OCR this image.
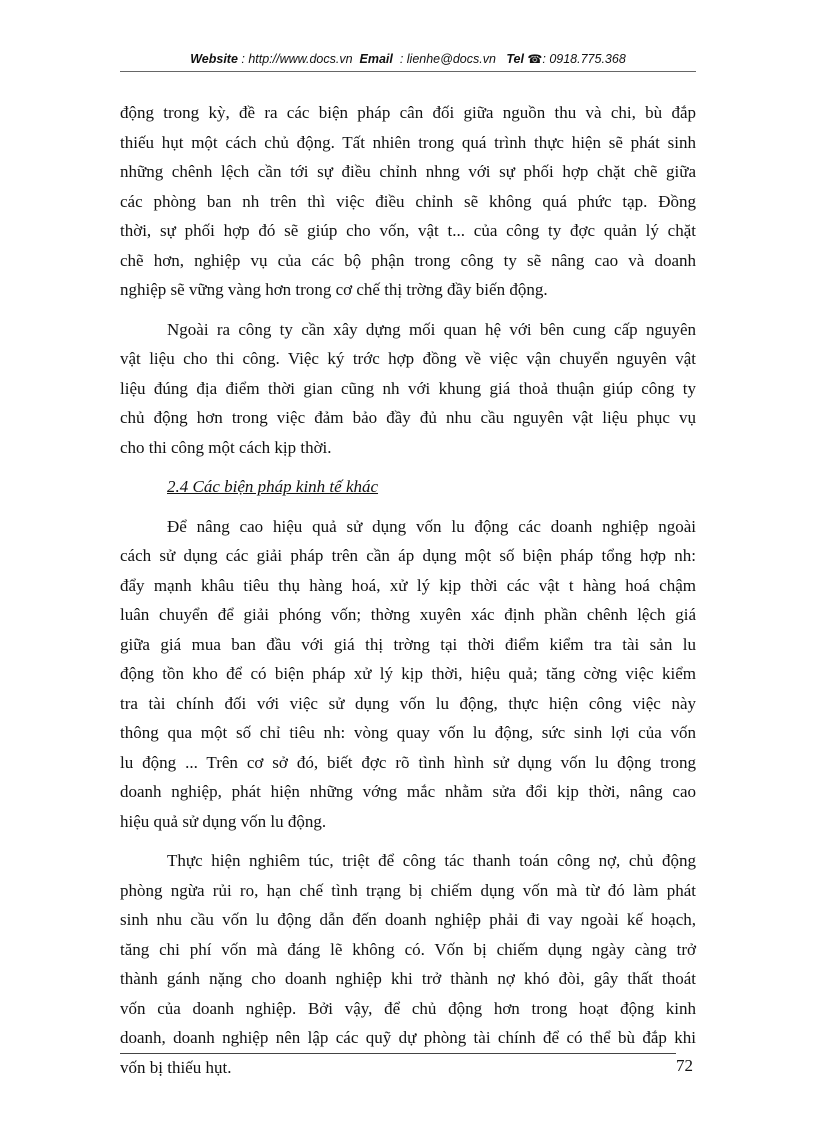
Website : http://www.docs.vn Email : lienhe@docs.vn Tel ☎: 0918.775.368

động trong kỳ, đề ra các biện pháp cân đối giữa nguồn thu và chi, bù đắp
thiếu hụt một cách chủ động. Tất nhiên trong quá trình thực hiện sẽ phát sinh
những chênh lệch cần tới sự điều chỉnh nhng với sự phối hợp chặt chẽ giữa
các phòng ban nh trên thì việc điều chỉnh sẽ không quá phức tạp. Đồng
thời, sự phối hợp đó sẽ giúp cho vốn, vật t... của công ty đợc quản lý chặt
chẽ hơn, nghiệp vụ của các bộ phận trong công ty sẽ nâng cao và doanh
nghiệp sẽ vững vàng hơn trong cơ chế thị trờng đầy biến động.

Ngoài ra công ty cần xây dựng mối quan hệ với bên cung cấp nguyên
vật liệu cho thi công. Việc ký trớc hợp đồng về việc vận chuyển nguyên vật
liệu đúng địa điểm thời gian cũng nh với khung giá thoả thuận giúp công ty
chủ động hơn trong việc đảm bảo đầy đủ nhu cầu nguyên vật liệu phục vụ
cho thi công một cách kịp thời.

2.4 Các biện pháp kinh tế khác

Để nâng cao hiệu quả sử dụng vốn lu động các doanh nghiệp ngoài
cách sử dụng các giải pháp trên cần áp dụng một số biện pháp tổng hợp nh:
đẩy mạnh khâu tiêu thụ hàng hoá, xử lý kịp thời các vật t hàng hoá chậm
luân chuyển để giải phóng vốn; thờng xuyên xác định phần chênh lệch giá
giữa giá mua ban đầu với giá thị trờng tại thời điểm kiểm tra tài sản lu
động tồn kho để có biện pháp xử lý kịp thời, hiệu quả; tăng cờng việc kiểm
tra tài chính đối với việc sử dụng vốn lu động, thực hiện công việc này
thông qua một số chỉ tiêu nh: vòng quay vốn lu động, sức sinh lợi của vốn
lu động ... Trên cơ sở đó, biết đợc rõ tình hình sử dụng vốn lu động trong
doanh nghiệp, phát hiện những vớng mắc nhằm sửa đổi kịp thời, nâng cao
hiệu quả sử dụng vốn lu động.

Thực hiện nghiêm túc, triệt để công tác thanh toán công nợ, chủ động
phòng ngừa rủi ro, hạn chế tình trạng bị chiếm dụng vốn mà từ đó làm phát
sinh nhu cầu vốn lu động dẫn đến doanh nghiệp phải đi vay ngoài kế hoạch,
tăng chi phí vốn mà đáng lẽ không có. Vốn bị chiếm dụng ngày càng trở
thành gánh nặng cho doanh nghiệp khi trở thành nợ khó đòi, gây thất thoát
vốn của doanh nghiệp. Bởi vậy, để chủ động hơn trong hoạt động kinh
doanh, doanh nghiệp nên lập các quỹ dự phòng tài chính để có thể bù đắp khi
vốn bị thiếu hụt.	72
